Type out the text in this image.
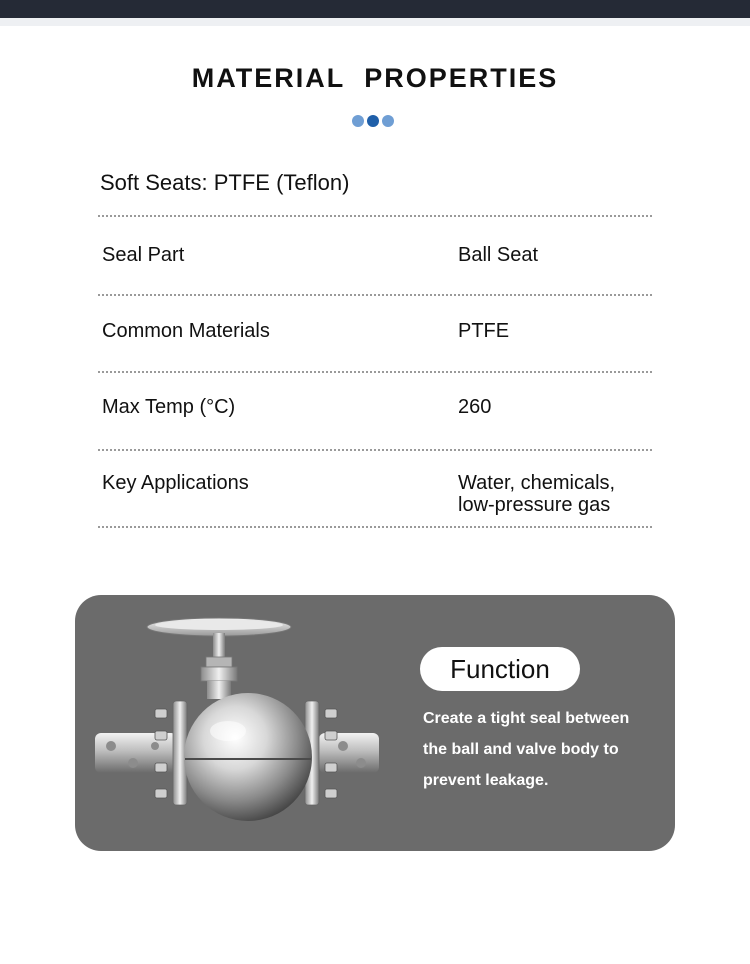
MATERIAL PROPERTIES
Soft Seats: PTFE (Teflon)
Seal Part	Ball Seat
Common Materials	PTFE
Max Temp (°C)	260
Key Applications	Water, chemicals,
low-pressure gas
Function
Create a tight seal between
the ball and valve body to
prevent leakage.
